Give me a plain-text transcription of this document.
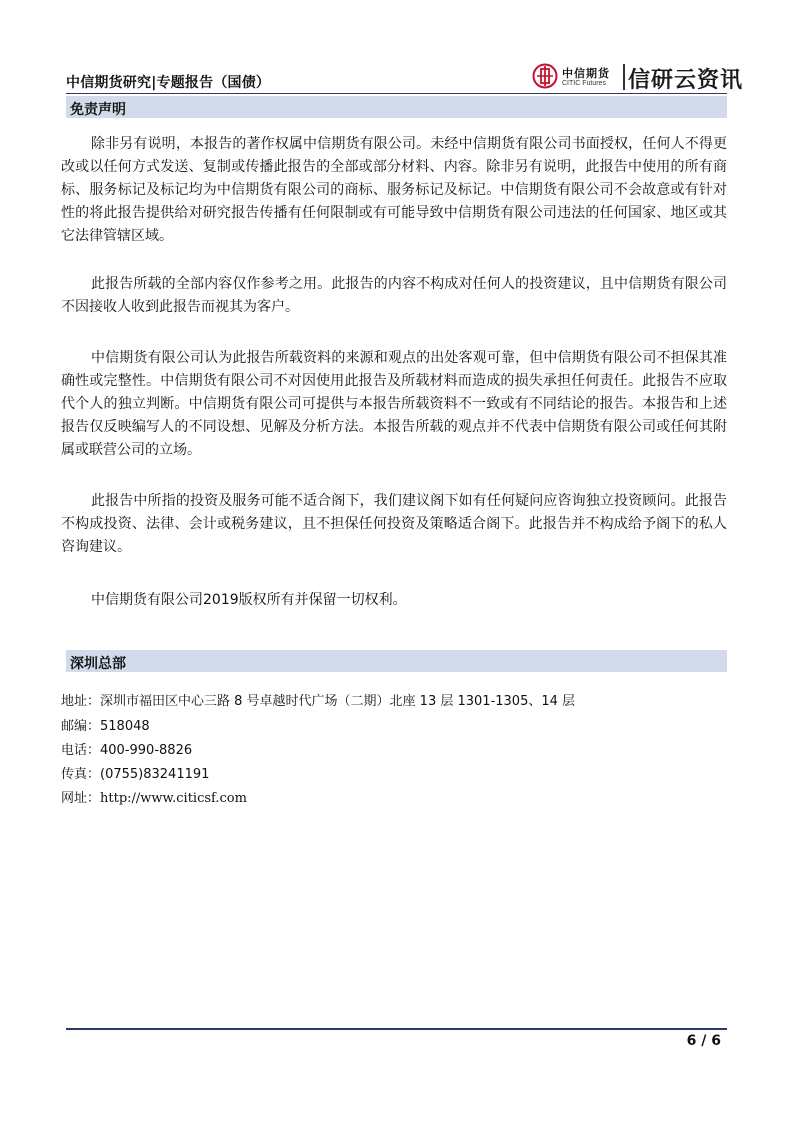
中信期货研究|专题报告（国债）
中信期货
CITIC Futures 信研云资讯
免责声明

除非另有说明，本报告的著作权属中信期货有限公司。未经中信期货有限公司书面授权，任何人不得更改或以任何方式发送、复制或传播此报告的全部或部分材料、内容。除非另有说明，此报告中使用的所有商标、服务标记及标记均为中信期货有限公司的商标、服务标记及标记。中信期货有限公司不会故意或有针对性的将此报告提供给对研究报告传播有任何限制或有可能导致中信期货有限公司违法的任何国家、地区或其它法律管辖区域。

此报告所载的全部内容仅作参考之用。此报告的内容不构成对任何人的投资建议，且中信期货有限公司不因接收人收到此报告而视其为客户。

中信期货有限公司认为此报告所载资料的来源和观点的出处客观可靠，但中信期货有限公司不担保其准确性或完整性。中信期货有限公司不对因使用此报告及所载材料而造成的损失承担任何责任。此报告不应取代个人的独立判断。中信期货有限公司可提供与本报告所载资料不一致或有不同结论的报告。本报告和上述报告仅反映编写人的不同设想、见解及分析方法。本报告所载的观点并不代表中信期货有限公司或任何其附属或联营公司的立场。

此报告中所指的投资及服务可能不适合阁下，我们建议阁下如有任何疑问应咨询独立投资顾问。此报告不构成投资、法律、会计或税务建议，且不担保任何投资及策略适合阁下。此报告并不构成给予阁下的私人咨询建议。

中信期货有限公司2019版权所有并保留一切权利。

深圳总部
地址：深圳市福田区中心三路 8 号卓越时代广场（二期）北座 13 层 1301-1305、14 层
邮编：518048
电话：400-990-8826
传真：(0755)83241191
网址：http://www.citicsf.com
6 / 6
